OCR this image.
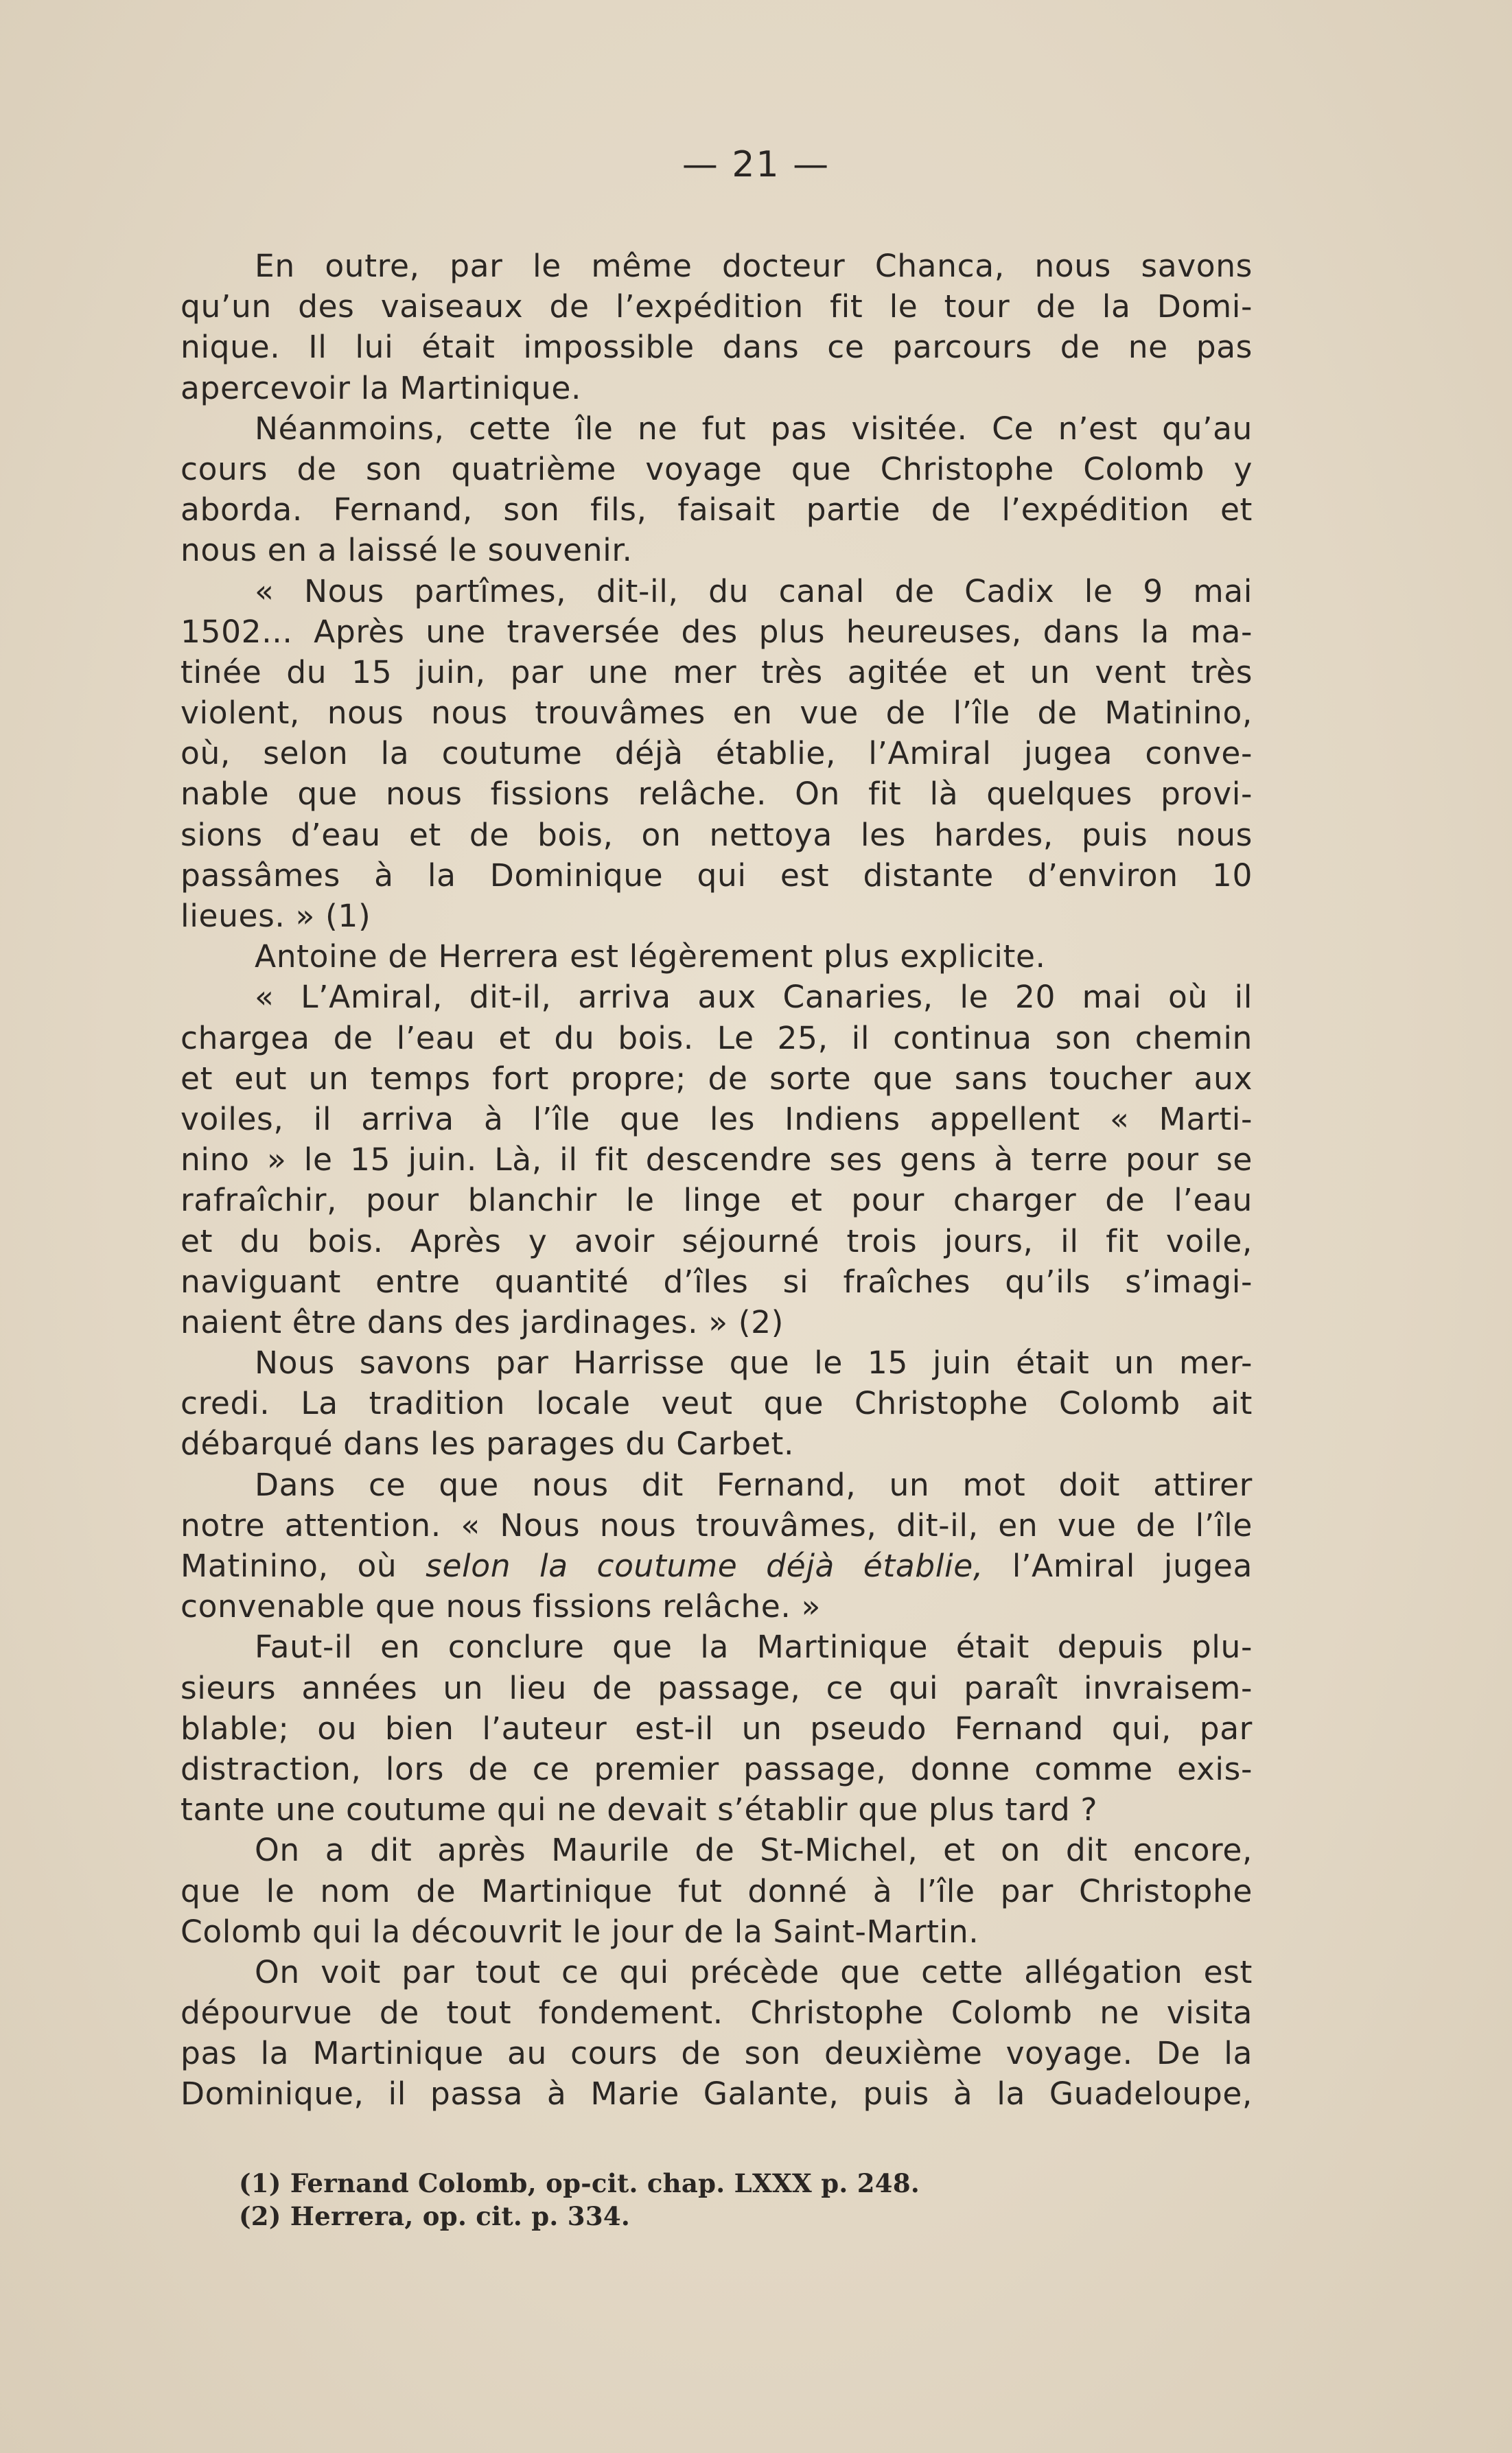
— 21 —
En outre, par le même docteur Chanca, nous savons
qu’un des vaiseaux de l’expédition fit le tour de la Domi-
nique. Il lui était impossible dans ce parcours de ne pas
apercevoir la Martinique.
Néanmoins, cette île ne fut pas visitée. Ce n’est qu’au
cours de son quatrième voyage que Christophe Colomb y
aborda. Fernand, son fils, faisait partie de l’expédition et
nous en a laissé le souvenir.
« Nous partîmes, dit-il, du canal de Cadix le 9 mai
1502... Après une traversée des plus heureuses, dans la ma-
tinée du 15 juin, par une mer très agitée et un vent très
violent, nous nous trouvâmes en vue de l’île de Matinino,
où, selon la coutume déjà établie, l’Amiral jugea conve-
nable que nous fissions relâche. On fit là quelques provi-
sions d’eau et de bois, on nettoya les hardes, puis nous
passâmes à la Dominique qui est distante d’environ 10
lieues. » (1)
Antoine de Herrera est légèrement plus explicite.
« L’Amiral, dit-il, arriva aux Canaries, le 20 mai où il
chargea de l’eau et du bois. Le 25, il continua son chemin
et eut un temps fort propre; de sorte que sans toucher aux
voiles, il arriva à l’île que les Indiens appellent « Marti-
nino » le 15 juin. Là, il fit descendre ses gens à terre pour se
rafraîchir, pour blanchir le linge et pour charger de l’eau
et du bois. Après y avoir séjourné trois jours, il fit voile,
naviguant entre quantité d’îles si fraîches qu’ils s’imagi-
naient être dans des jardinages. » (2)
Nous savons par Harrisse que le 15 juin était un mer-
credi. La tradition locale veut que Christophe Colomb ait
débarqué dans les parages du Carbet.
Dans ce que nous dit Fernand, un mot doit attirer
notre attention. « Nous nous trouvâmes, dit-il, en vue de l’île
Matinino, où selon la coutume déjà établie, l’Amiral jugea
convenable que nous fissions relâche. »
Faut-il en conclure que la Martinique était depuis plu-
sieurs années un lieu de passage, ce qui paraît invraisem-
blable; ou bien l’auteur est-il un pseudo Fernand qui, par
distraction, lors de ce premier passage, donne comme exis-
tante une coutume qui ne devait s’établir que plus tard ?
On a dit après Maurile de St-Michel, et on dit encore,
que le nom de Martinique fut donné à l’île par Christophe
Colomb qui la découvrit le jour de la Saint-Martin.
On voit par tout ce qui précède que cette allégation est
dépourvue de tout fondement. Christophe Colomb ne visita
pas la Martinique au cours de son deuxième voyage. De la
Dominique, il passa à Marie Galante, puis à la Guadeloupe,
(1) Fernand Colomb, op-cit. chap. LXXX p. 248.
(2) Herrera, op. cit. p. 334.
